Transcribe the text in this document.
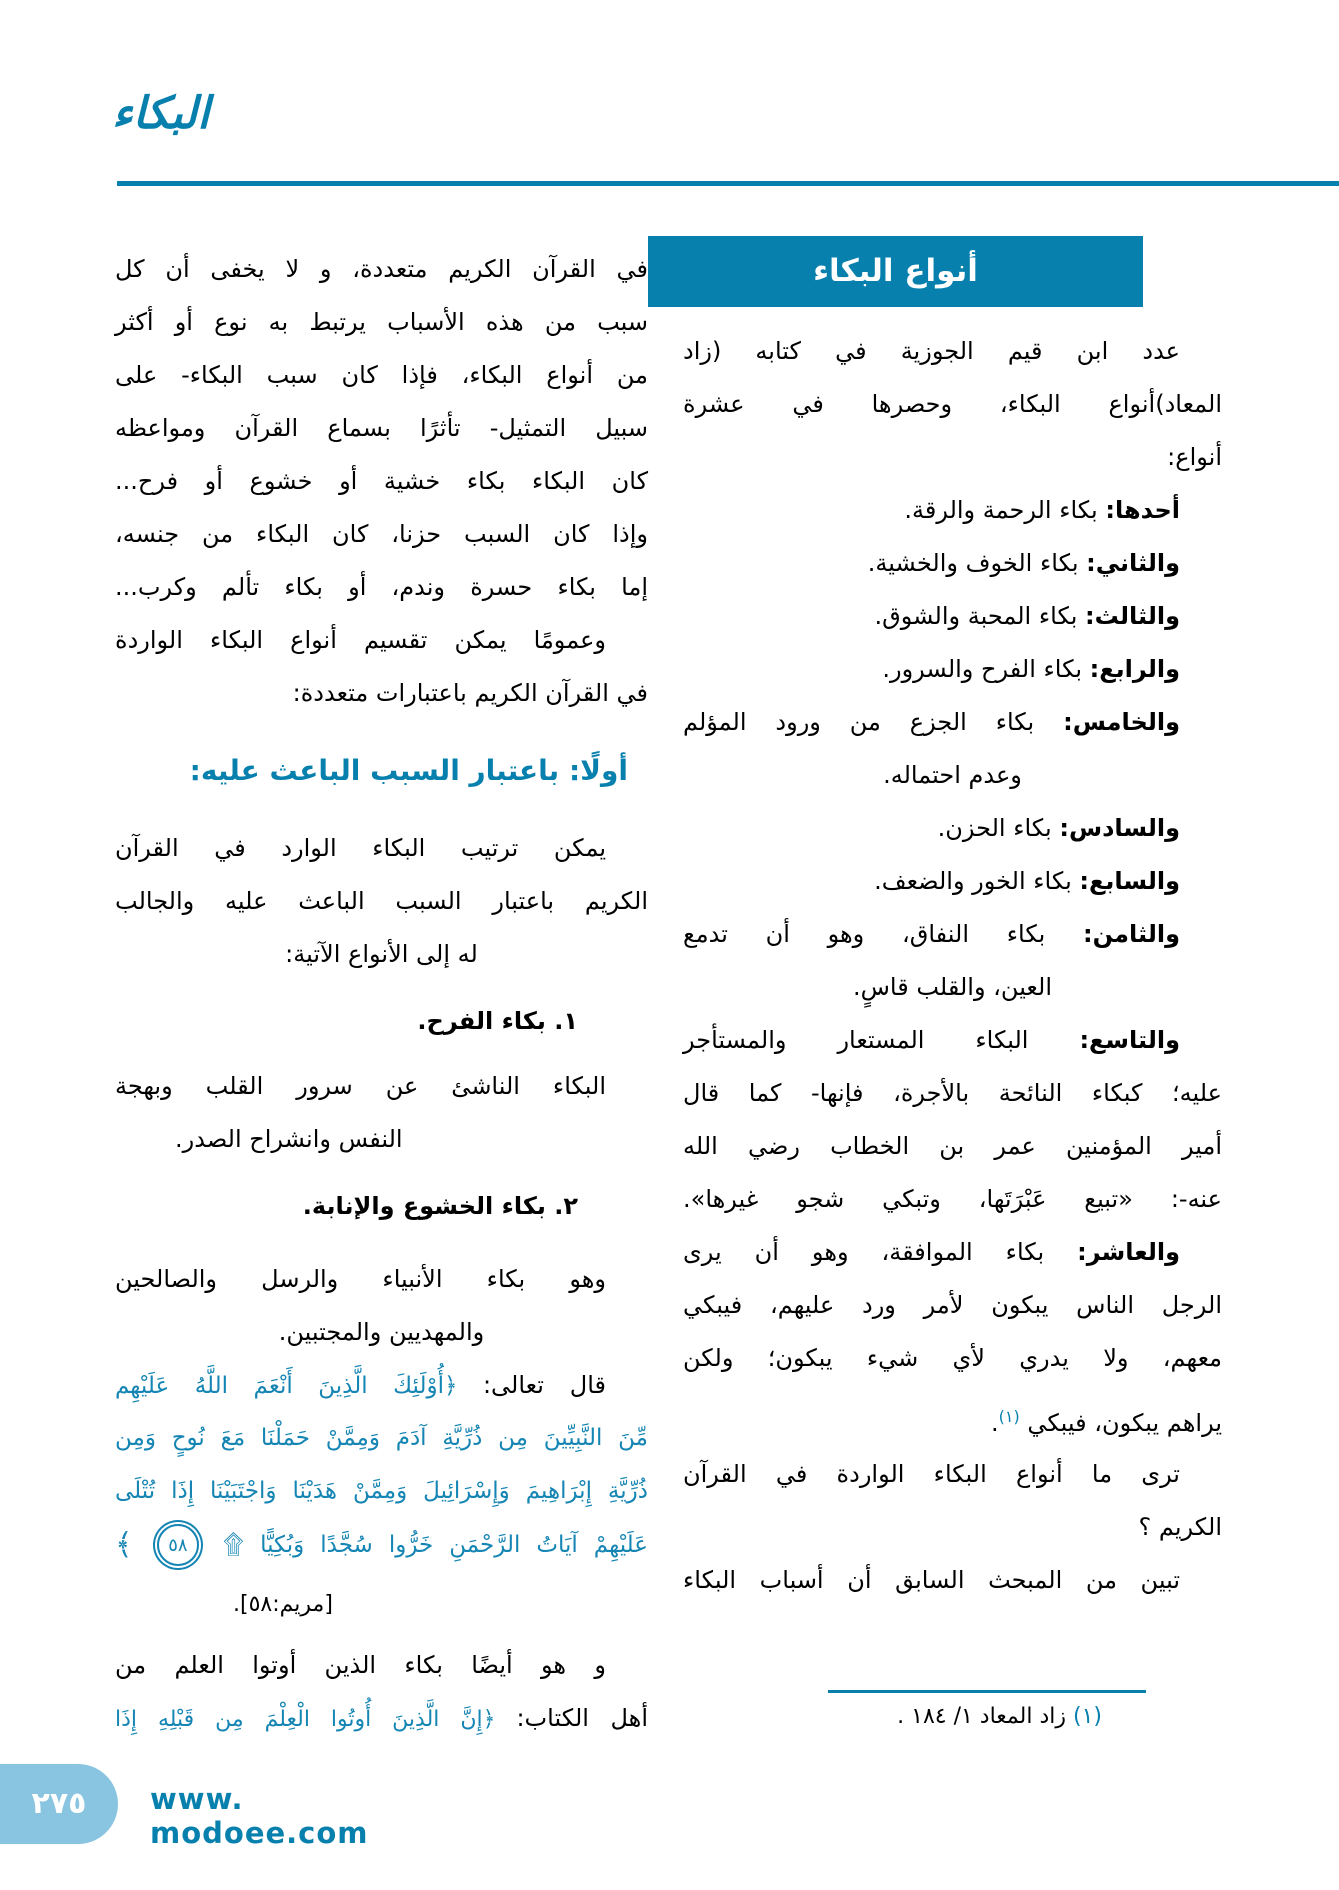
البكاء
أنواع البكاء
عدد ابن قيم الجوزية في كتابه (زاد
المعاد)أنواع البكاء، وحصرها في عشرة
أنواع:
أحدها: بكاء الرحمة والرقة.
والثاني: بكاء الخوف والخشية.
والثالث: بكاء المحبة والشوق.
والرابع: بكاء الفرح والسرور.
والخامس: بكاء الجزع من ورود المؤلم
وعدم احتماله.
والسادس: بكاء الحزن.
والسابع: بكاء الخور والضعف.
والثامن: بكاء النفاق، وهو أن تدمع
العين، والقلب قاسٍ.
والتاسع: البكاء المستعار والمستأجر
عليه؛ كبكاء النائحة بالأجرة، فإنها- كما قال
أمير المؤمنين عمر بن الخطاب رضي الله
عنه-: «تبيع عَبْرَتَها، وتبكي شجو غيرها».
والعاشر: بكاء الموافقة، وهو أن يرى
الرجل الناس يبكون لأمر ورد عليهم، فيبكي
معهم، ولا يدري لأي شيء يبكون؛ ولكن
يراهم يبكون، فيبكي $^{(١)}$.
ترى ما أنواع البكاء الواردة في القرآن
الكريم ؟
تبين من المبحث السابق أن أسباب البكاء
في القرآن الكريم متعددة، و لا يخفى أن كل
سبب من هذه الأسباب يرتبط به نوع أو أكثر
من أنواع البكاء، فإذا كان سبب البكاء- على
سبيل التمثيل- تأثرًا بسماع القرآن ومواعظه
كان البكاء بكاء خشية أو خشوع أو فرح...
وإذا كان السبب حزنا، كان البكاء من جنسه،
إما بكاء حسرة وندم، أو بكاء تألم وكرب...
وعمومًا يمكن تقسيم أنواع البكاء الواردة
في القرآن الكريم باعتبارات متعددة:
أولًا: باعتبار السبب الباعث عليه:
يمكن ترتيب البكاء الوارد في القرآن
الكريم باعتبار السبب الباعث عليه والجالب
له إلى الأنواع الآتية:
١. بكاء الفرح.
البكاء الناشئ عن سرور القلب وبهجة
النفس وانشراح الصدر.
٢. بكاء الخشوع والإنابة.
وهو بكاء الأنبياء والرسل والصالحين
والمهديين والمجتبين.
قال تعالى: ﴿أُوْلَئِكَ الَّذِينَ أَنْعَمَ اللَّهُ عَلَيْهِم
مِّنَ النَّبِيِّينَ مِن ذُرِّيَّةِ آدَمَ وَمِمَّنْ حَمَلْنَا مَعَ نُوحٍ وَمِن
ذُرِّيَّةِ إِبْرَاهِيمَ وَإِسْرَائِيلَ وَمِمَّنْ هَدَيْنَا وَاجْتَبَيْنَا إِذَا تُتْلَى
عَلَيْهِمْ آيَاتُ الرَّحْمَنِ خَرُّوا سُجَّدًا وَبُكِيًّا ۩ ٥٨ ﴾
[مريم:٥٨].
و هو أيضًا بكاء الذين أوتوا العلم من
أهل الكتاب: ﴿إِنَّ الَّذِينَ أُوتُوا الْعِلْمَ مِن قَبْلِهِ إِذَا	(١) زاد المعاد ١/ ١٨٤ .
٢٧٥	www. modoee.com
